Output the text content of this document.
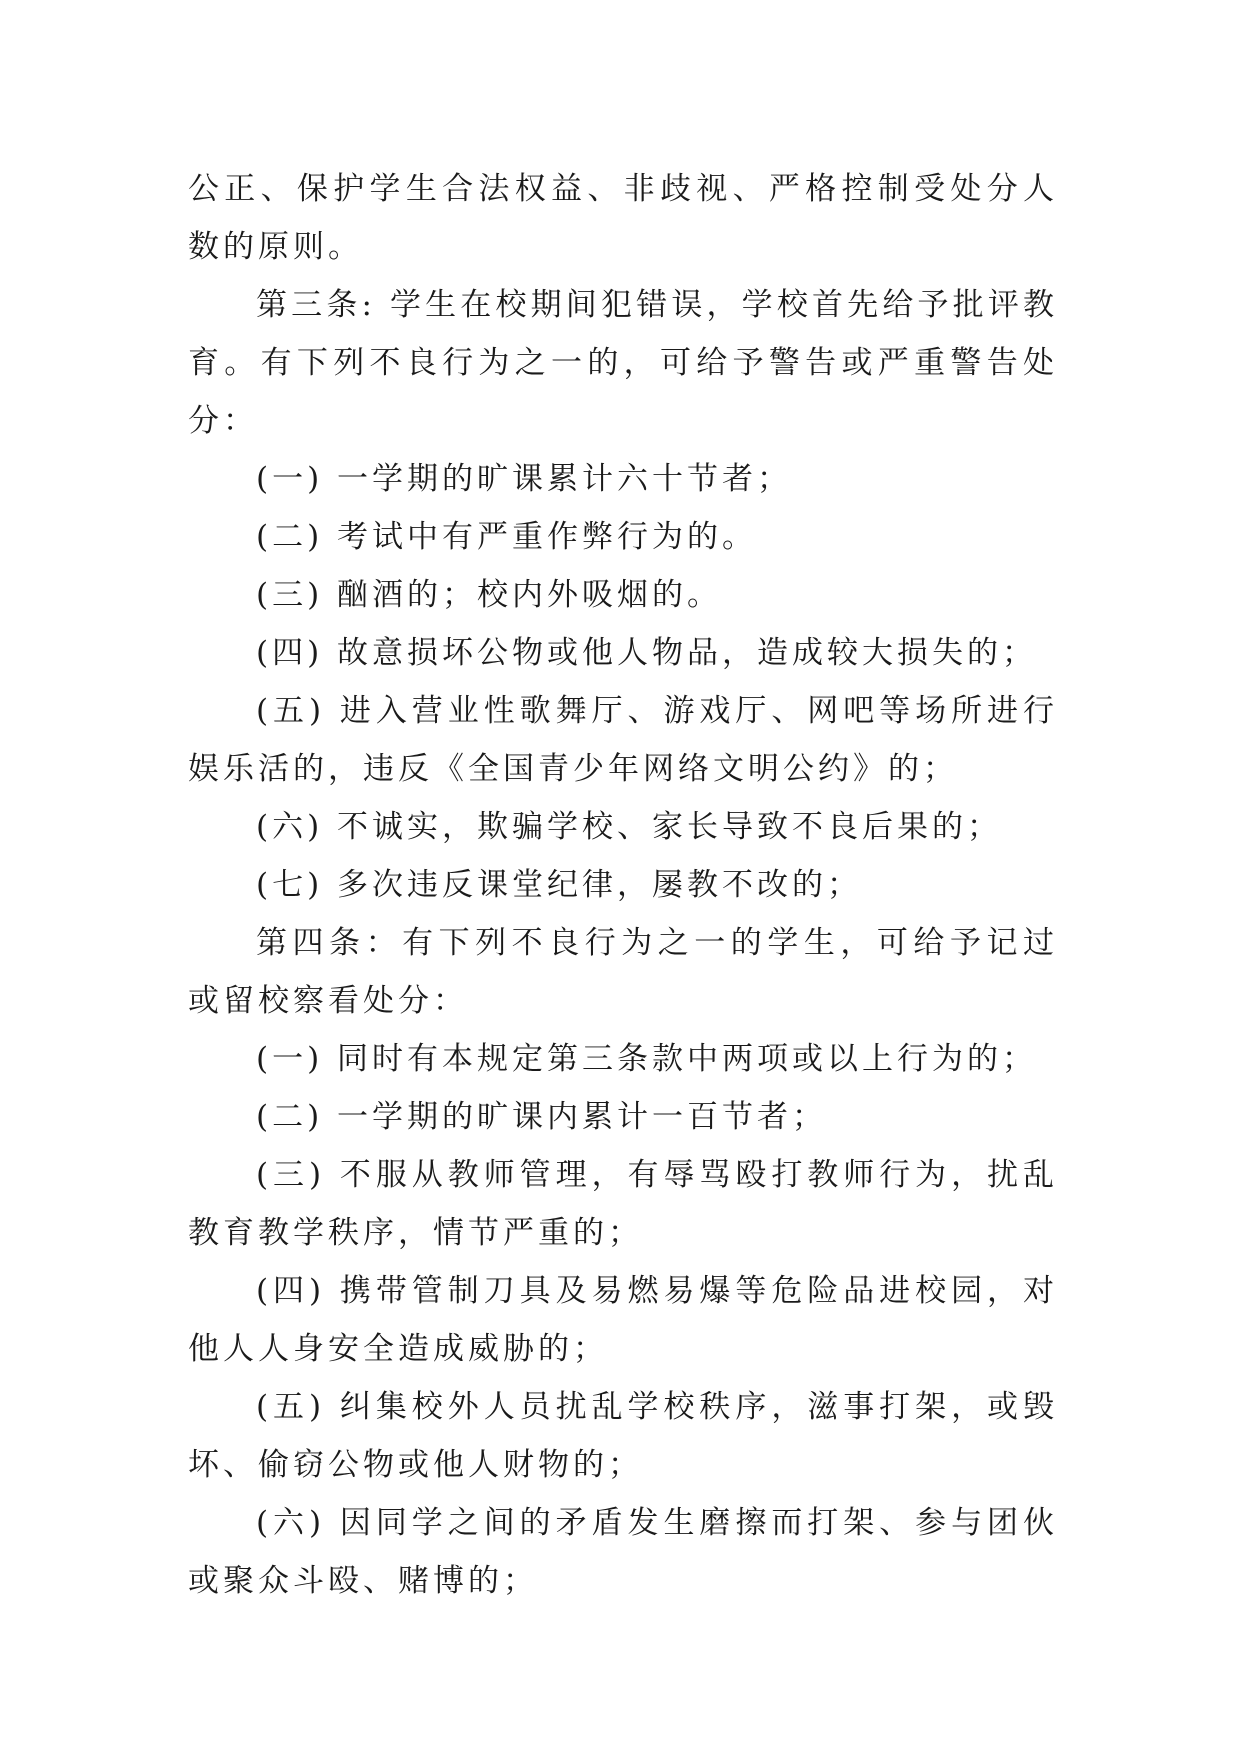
公正、保护学生合法权益、非歧视、严格控制受处分人数的原则。

第三条: 学生在校期间犯错误，学校首先给予批评教育。有下列不良行为之一的，可给予警告或严重警告处分：

(一) 一学期的旷课累计六十节者；

(二) 考试中有严重作弊行为的。

(三) 酗酒的；校内外吸烟的。

(四) 故意损坏公物或他人物品，造成较大损失的；

(五) 进入营业性歌舞厅、游戏厅、网吧等场所进行娱乐活的，违反《全国青少年网络文明公约》的；

(六) 不诚实，欺骗学校、家长导致不良后果的；

(七) 多次违反课堂纪律，屡教不改的；

第四条：有下列不良行为之一的学生，可给予记过或留校察看处分：

(一) 同时有本规定第三条款中两项或以上行为的；

(二) 一学期的旷课内累计一百节者；

(三) 不服从教师管理，有辱骂殴打教师行为，扰乱教育教学秩序，情节严重的；

(四) 携带管制刀具及易燃易爆等危险品进校园，对他人人身安全造成威胁的；

(五) 纠集校外人员扰乱学校秩序，滋事打架，或毁坏、偷窃公物或他人财物的；

(六) 因同学之间的矛盾发生磨擦而打架、参与团伙或聚众斗殴、赌博的；
